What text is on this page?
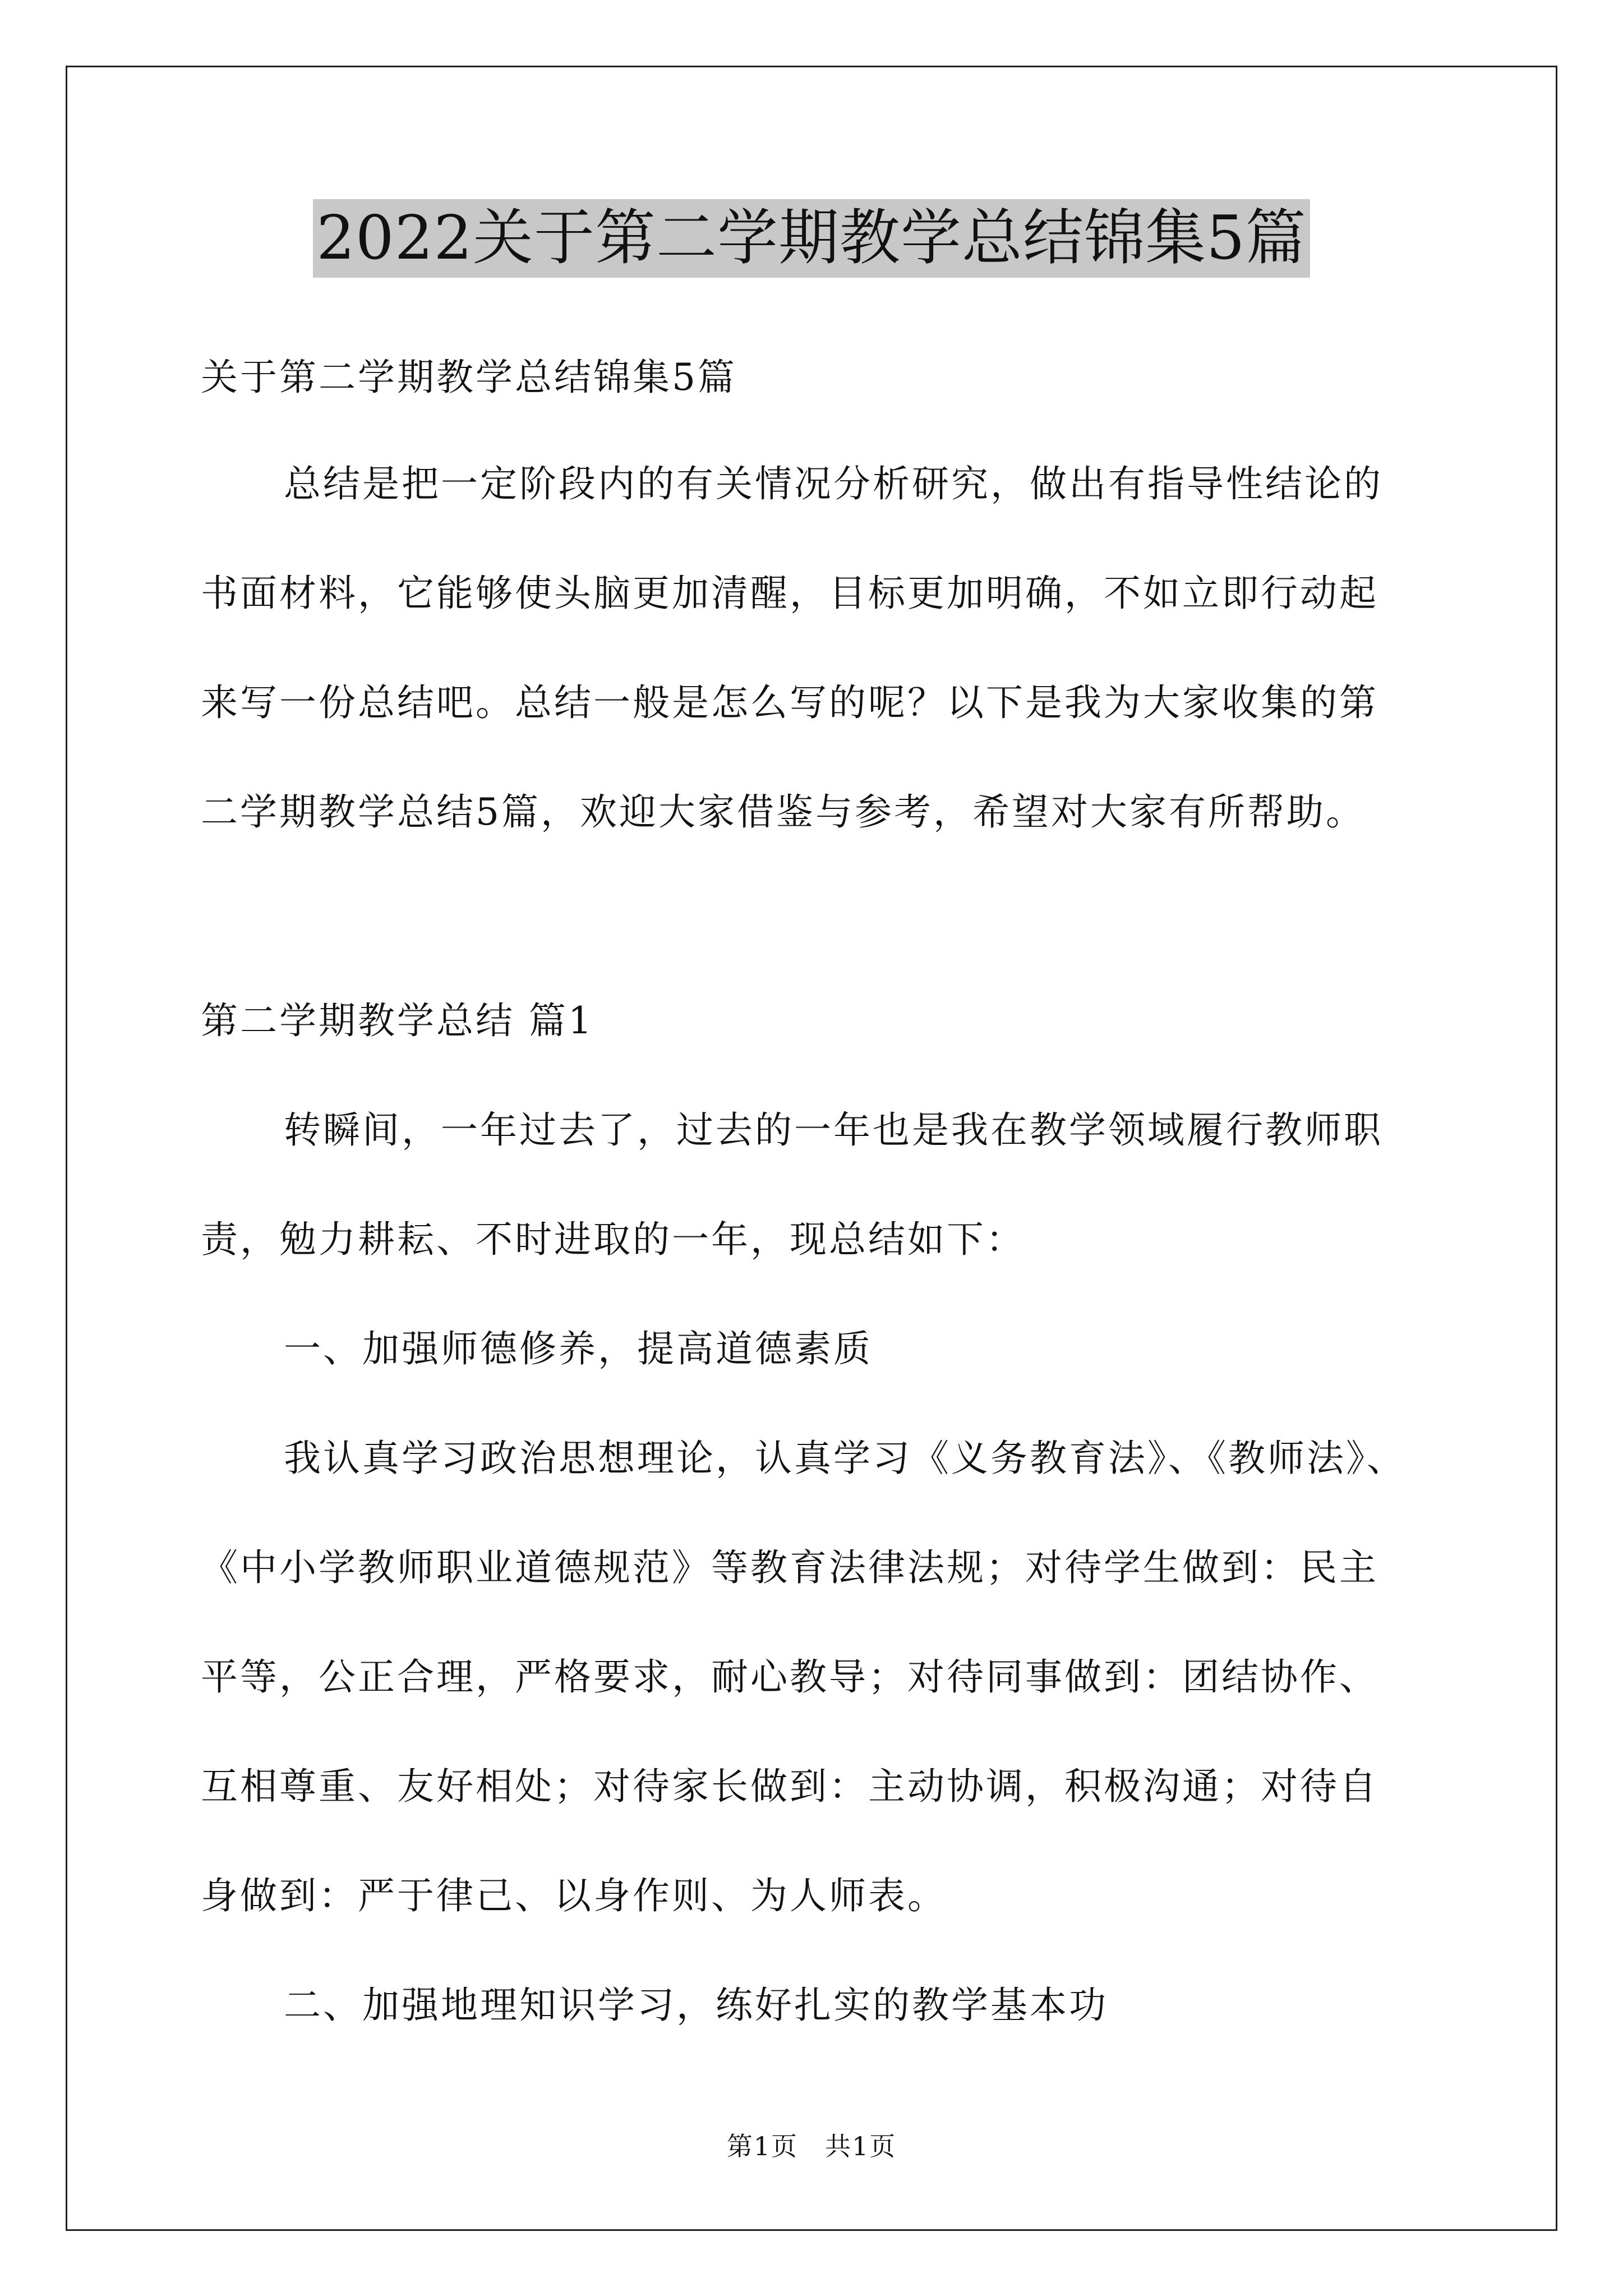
2022关于第二学期教学总结锦集5篇
关于第二学期教学总结锦集5篇
总结是把一定阶段内的有关情况分析研究，做出有指导性结论的
书面材料，它能够使头脑更加清醒，目标更加明确，不如立即行动起
来写一份总结吧。总结一般是怎么写的呢？以下是我为大家收集的第
二学期教学总结5篇，欢迎大家借鉴与参考，希望对大家有所帮助。
第二学期教学总结 篇1
转瞬间，一年过去了，过去的一年也是我在教学领域履行教师职
责，勉力耕耘、不时进取的一年，现总结如下：
一、加强师德修养，提高道德素质
我认真学习政治思想理论，认真学习《义务教育法》、《教师法》、
《中小学教师职业道德规范》等教育法律法规；对待学生做到：民主
平等，公正合理，严格要求，耐心教导；对待同事做到：团结协作、
互相尊重、友好相处；对待家长做到：主动协调，积极沟通；对待自
身做到：严于律己、以身作则、为人师表。
二、加强地理知识学习，练好扎实的教学基本功
第1页　共1页
